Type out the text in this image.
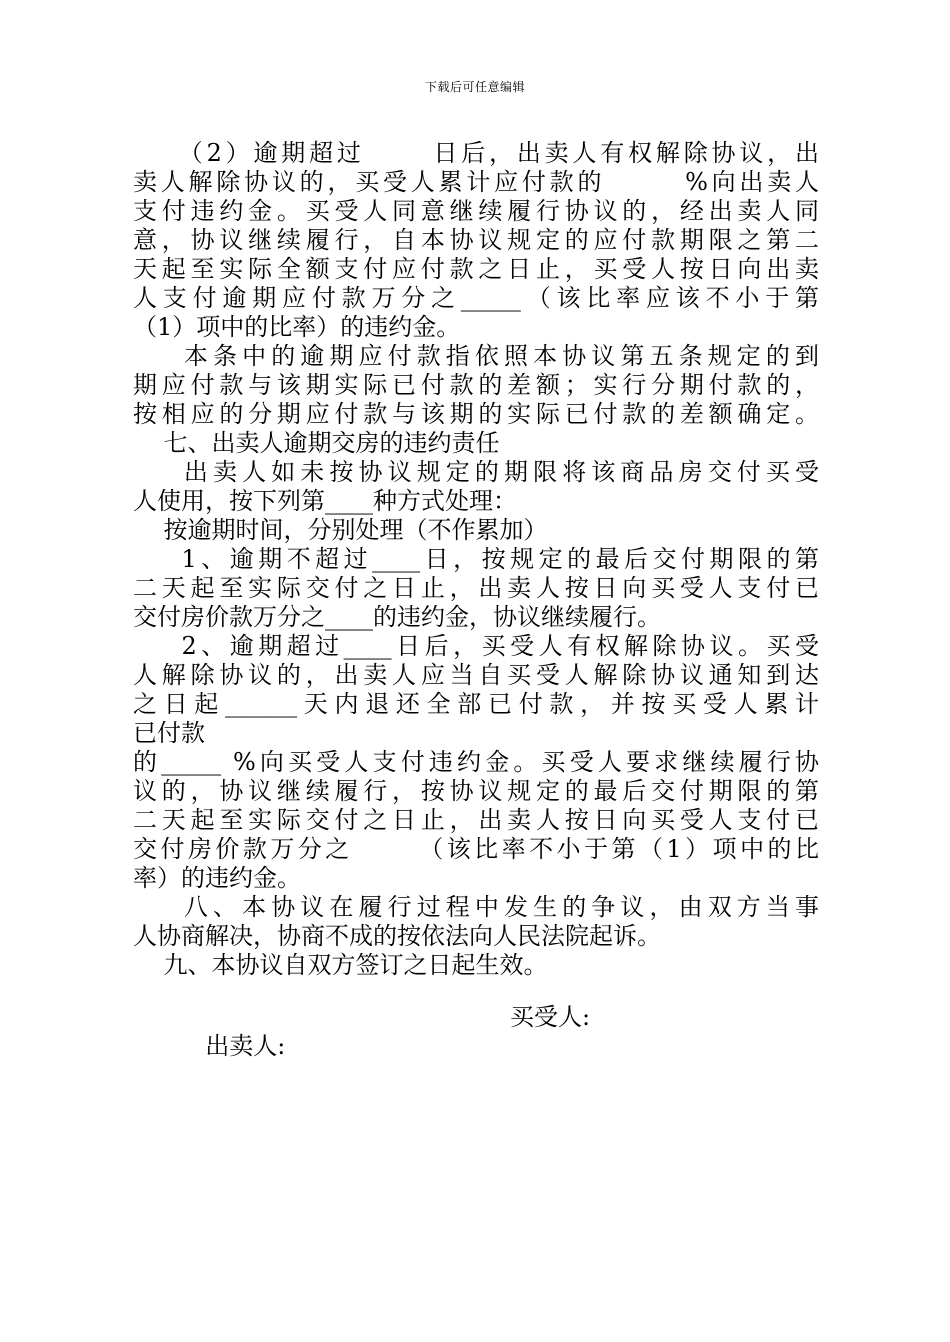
下载后可任意编辑
（2）逾期超过      日后，出卖人有权解除协议，出
卖人解除协议的，买受人累计应付款的       %向出卖人
支付违约金。买受人同意继续履行协议的，经出卖人同
意，协议继续履行，自本协议规定的应付款期限之第二
天起至实际全额支付应付款之日止，买受人按日向出卖
人支付逾期应付款万分之_____（该比率应该不小于第
（1）项中的比率）的违约金。
本条中的逾期应付款指依照本协议第五条规定的到
期应付款与该期实际已付款的差额；实行分期付款的，
按相应的分期应付款与该期的实际已付款的差额确定。
七、出卖人逾期交房的违约责任
出卖人如未按协议规定的期限将该商品房交付买受
人使用，按下列第____种方式处理：
按逾期时间，分别处理（不作累加）
1、逾期不超过____日，按规定的最后交付期限的第
二天起至实际交付之日止，出卖人按日向买受人支付已
交付房价款万分之____的违约金，协议继续履行。
2、逾期超过____日后，买受人有权解除协议。买受
人解除协议的，出卖人应当自买受人解除协议通知到达
之日起______天内退还全部已付款，并按买受人累计
已付款
的_____ %向买受人支付违约金。买受人要求继续履行协
议的，协议继续履行，按协议规定的最后交付期限的第
二天起至实际交付之日止，出卖人按日向买受人支付已
交付房价款万分之      （该比率不小于第（1）项中的比
率）的违约金。
八、本协议在履行过程中发生的争议，由双方当事
人协商解决，协商不成的按依法向人民法院起诉。
九、本协议自双方签订之日起生效。

出卖人:

买受人:
